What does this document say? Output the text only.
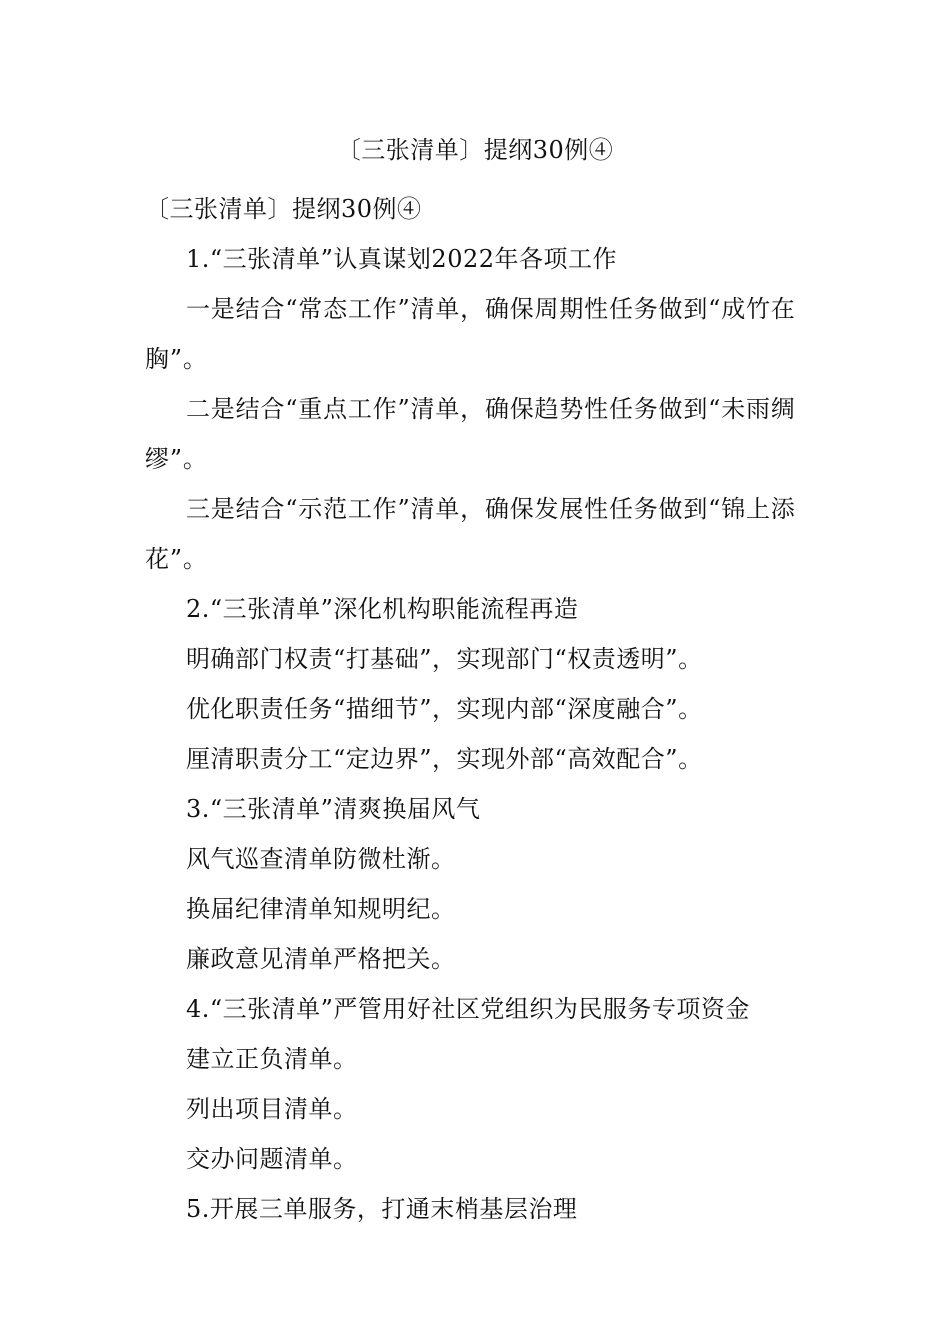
〔三张清单〕提纲30例④
〔三张清单〕提纲30例④
1.“三张清单”认真谋划2022年各项工作
一是结合“常态工作”清单，确保周期性任务做到“成竹在胸”。
二是结合“重点工作”清单，确保趋势性任务做到“未雨绸缪”。
三是结合“示范工作”清单，确保发展性任务做到“锦上添花”。
2.“三张清单”深化机构职能流程再造
明确部门权责“打基础”，实现部门“权责透明”。
优化职责任务“描细节”，实现内部“深度融合”。
厘清职责分工“定边界”，实现外部“高效配合”。
3.“三张清单”清爽换届风气
风气巡查清单防微杜渐。
换届纪律清单知规明纪。
廉政意见清单严格把关。
4.“三张清单”严管用好社区党组织为民服务专项资金
建立正负清单。
列出项目清单。
交办问题清单。
5.开展三单服务，打通末梢基层治理
